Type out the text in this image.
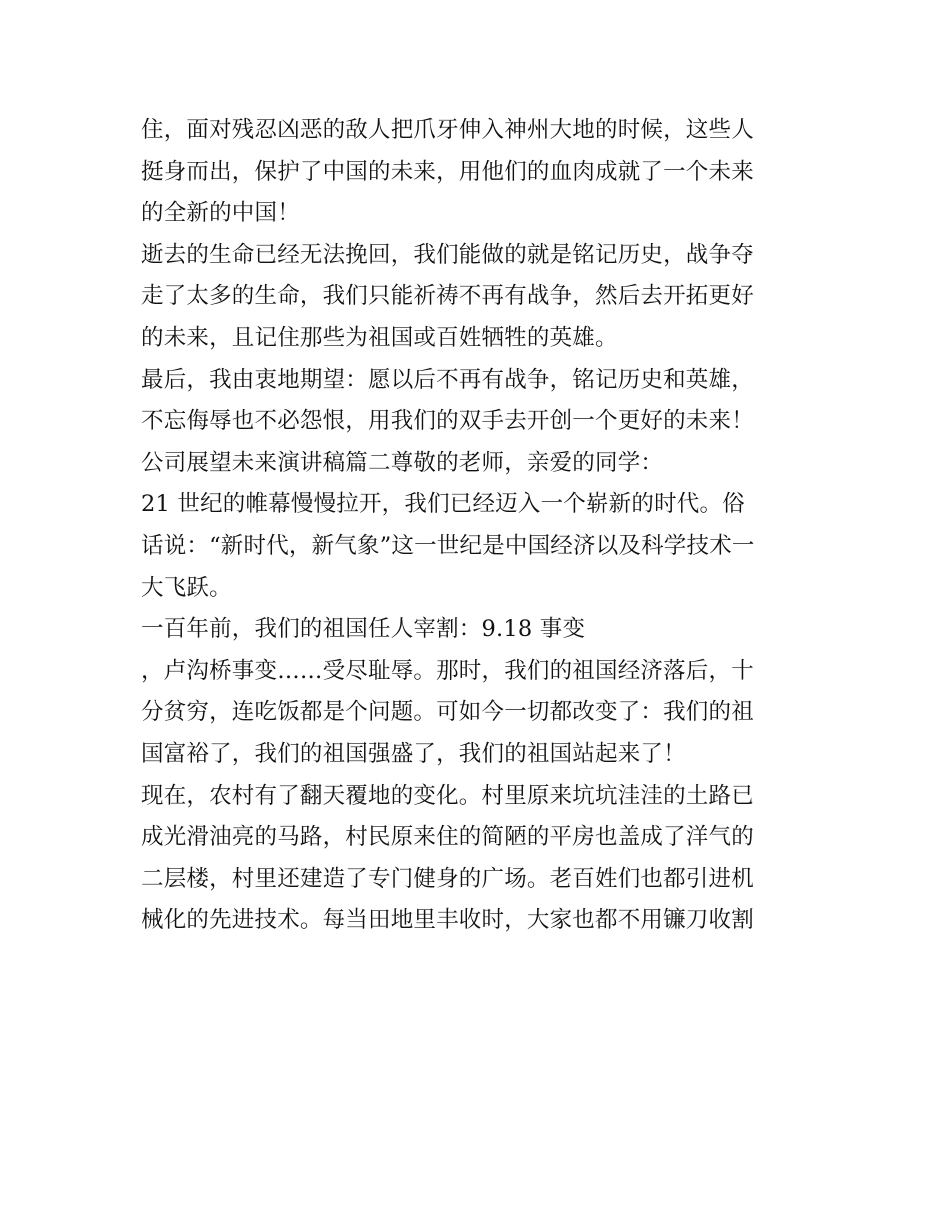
住，面对残忍凶恶的敌人把爪牙伸入神州大地的时候，这些人
挺身而出，保护了中国的未来，用他们的血肉成就了一个未来
的全新的中国！
逝去的生命已经无法挽回，我们能做的就是铭记历史，战争夺
走了太多的生命，我们只能祈祷不再有战争，然后去开拓更好
的未来，且记住那些为祖国或百姓牺牲的英雄。
最后，我由衷地期望：愿以后不再有战争，铭记历史和英雄，
不忘侮辱也不必怨恨，用我们的双手去开创一个更好的未来！
公司展望未来演讲稿篇二尊敬的老师，亲爱的同学：
21 世纪的帷幕慢慢拉开，我们已经迈入一个崭新的时代。俗
话说：“新时代，新气象”这一世纪是中国经济以及科学技术一
大飞跃。
一百年前，我们的祖国任人宰割：9.18 事变
，卢沟桥事变……受尽耻辱。那时，我们的祖国经济落后，十
分贫穷，连吃饭都是个问题。可如今一切都改变了：我们的祖
国富裕了，我们的祖国强盛了，我们的祖国站起来了！
现在，农村有了翻天覆地的变化。村里原来坑坑洼洼的土路已
成光滑油亮的马路，村民原来住的简陋的平房也盖成了洋气的
二层楼，村里还建造了专门健身的广场。老百姓们也都引进机
械化的先进技术。每当田地里丰收时，大家也都不用镰刀收割
